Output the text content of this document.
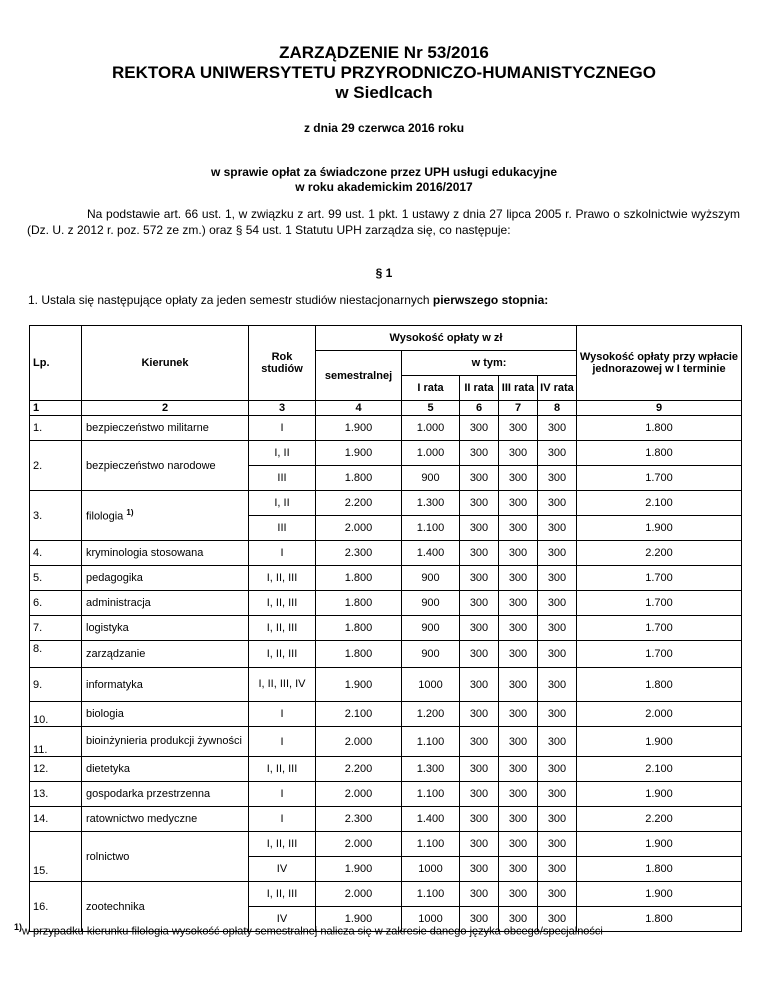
ZARZĄDZENIE Nr 53/2016
REKTORA UNIWERSYTETU PRZYRODNICZO-HUMANISTYCZNEGO
w Siedlcach
z dnia 29 czerwca 2016 roku
w sprawie opłat za świadczone przez UPH usługi edukacyjne
w roku akademickim 2016/2017
Na podstawie art. 66 ust. 1, w związku z art. 99 ust. 1 pkt. 1 ustawy z dnia 27 lipca 2005 r. Prawo o szkolnictwie wyższym (Dz. U. z 2012 r. poz. 572 ze zm.) oraz § 54 ust. 1 Statutu UPH zarządza się, co następuje:
§ 1
1. Ustala się następujące opłaty za jeden semestr studiów niestacjonarnych pierwszego stopnia:
Lp.	Kierunek	Rok studiów	Wysokość opłaty w zł					Wysokość opłaty przy wpłacie jednorazowej w I terminie
			semestralnej	w tym:				
				I rata	II rata	III rata	IV rata	
1	2	3	4	5	6	7	8	9
1.	bezpieczeństwo militarne	I	1.900	1.000	300	300	300	1.800
2.	bezpieczeństwo narodowe	I, II	1.900	1.000	300	300	300	1.800
		III	1.800	900	300	300	300	1.700
3.	filologia $^{1)}$	I, II	2.200	1.300	300	300	300	2.100
		III	2.000	1.100	300	300	300	1.900
4.	kryminologia stosowana	I	2.300	1.400	300	300	300	2.200
5.	pedagogika	I, II, III	1.800	900	300	300	300	1.700
6.	administracja	I, II, III	1.800	900	300	300	300	1.700
7.	logistyka	I, II, III	1.800	900	300	300	300	1.700
8.	zarządzanie	I, II, III	1.800	900	300	300	300	1.700
9.	informatyka	I, II, III, IV	1.900	1000	300	300	300	1.800
10.	biologia	I	2.100	1.200	300	300	300	2.000
11.	bioinżynieria produkcji żywności	I	2.000	1.100	300	300	300	1.900
12.	dietetyka	I, II, III	2.200	1.300	300	300	300	2.100
13.	gospodarka przestrzenna	I	2.000	1.100	300	300	300	1.900
14.	ratownictwo medyczne	I	2.300	1.400	300	300	300	2.200
15.	rolnictwo	I, II, III	2.000	1.100	300	300	300	1.900
		IV	1.900	1000	300	300	300	1.800
16.	zootechnika	I, II, III	2.000	1.100	300	300	300	1.900
		IV	1.900	1000	300	300	300	1.800
$^{1)}$w przypadku kierunku filologia wysokość opłaty semestralnej nalicza się w zakresie danego języka obcego/specjalności
